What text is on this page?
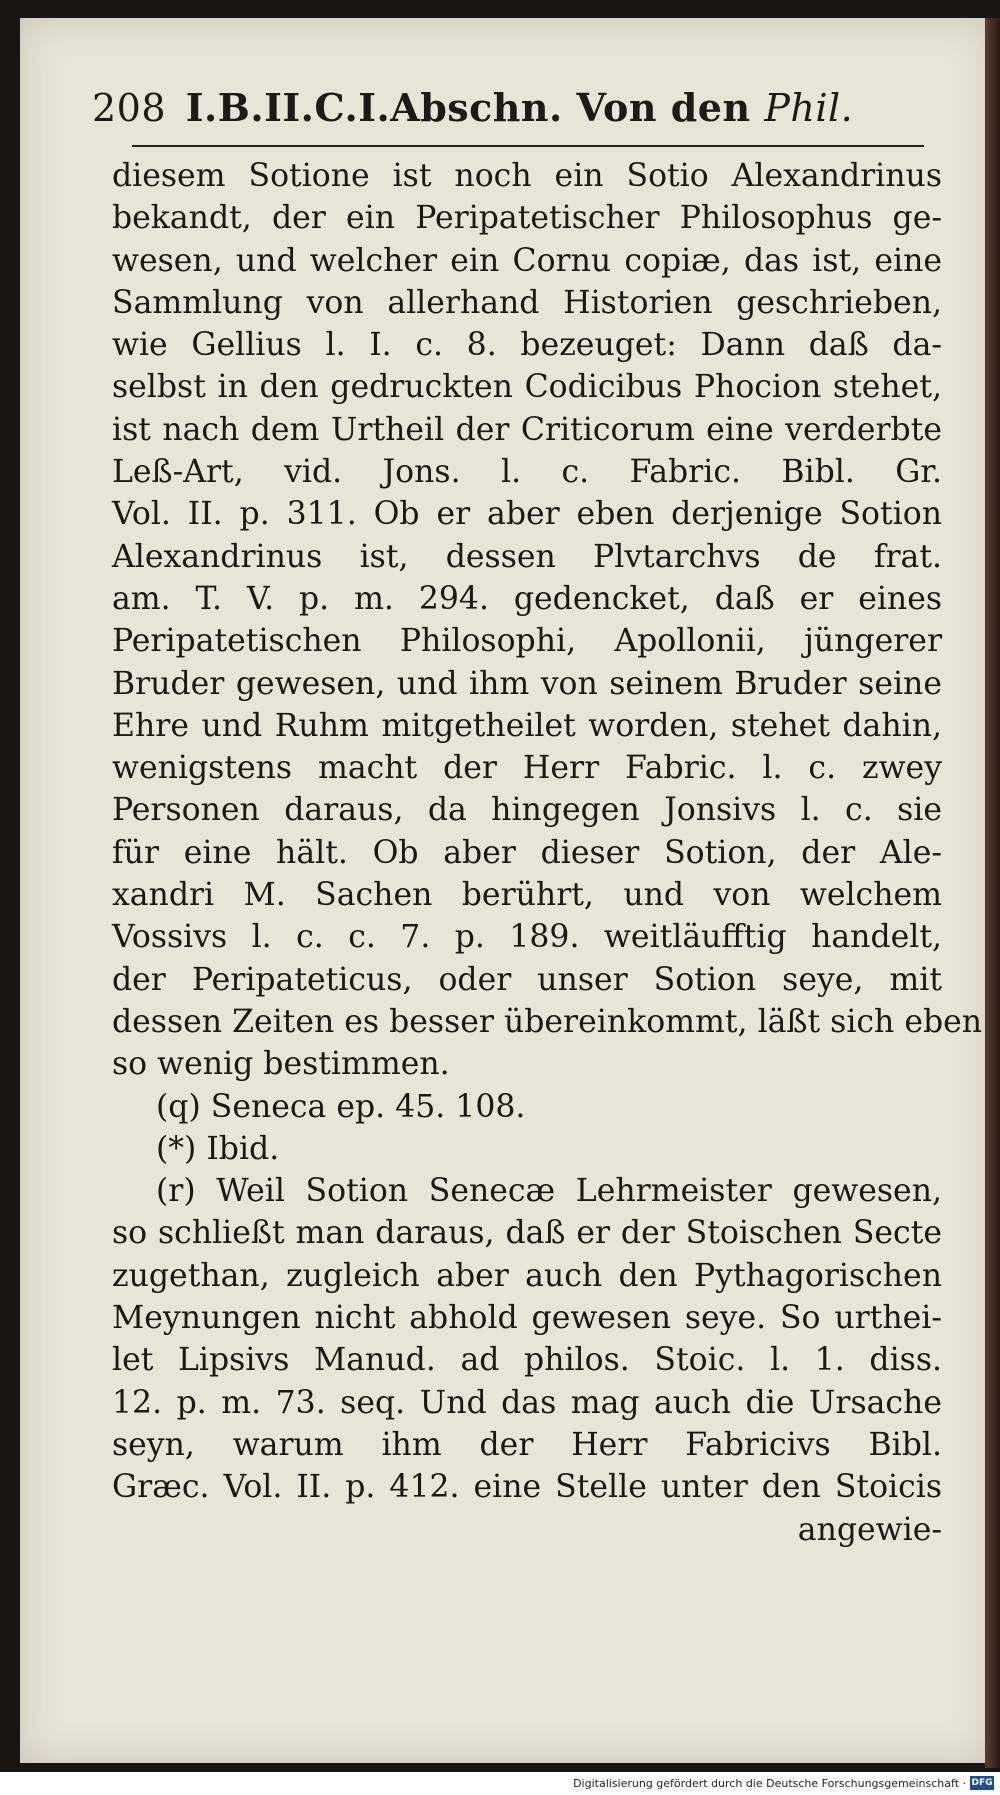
208 I.B.II.C.I.Abschn. Von den Phil.
diesem Sotione ist noch ein Sotio Alexandrinus
bekandt, der ein Peripatetischer Philosophus ge-
wesen, und welcher ein Cornu copiæ, das ist, eine
Sammlung von allerhand Historien geschrieben,
wie Gellius l. I. c. 8. bezeuget: Dann daß da-
selbst in den gedruckten Codicibus Phocion stehet,
ist nach dem Urtheil der Criticorum eine verderbte
Leß-Art, vid. Jons. l. c. Fabric. Bibl. Gr.
Vol. II. p. 311. Ob er aber eben derjenige Sotion
Alexandrinus ist, dessen Plvtarchvs de frat.
am. T. V. p. m. 294. gedencket, daß er eines
Peripatetischen Philosophi, Apollonii, jüngerer
Bruder gewesen, und ihm von seinem Bruder seine
Ehre und Ruhm mitgetheilet worden, stehet dahin,
wenigstens macht der Herr Fabric. l. c. zwey
Personen daraus, da hingegen Jonsivs l. c. sie
für eine hält. Ob aber dieser Sotion, der Ale-
xandri M. Sachen berührt, und von welchem
Vossivs l. c. c. 7. p. 189. weitläufftig handelt,
der Peripateticus, oder unser Sotion seye, mit
dessen Zeiten es besser übereinkommt, läßt sich eben
so wenig bestimmen.
(q) Seneca ep. 45. 108.
(*) Ibid.
(r) Weil Sotion Senecæ Lehrmeister gewesen,
so schließt man daraus, daß er der Stoischen Secte
zugethan, zugleich aber auch den Pythagorischen
Meynungen nicht abhold gewesen seye. So urthei-
let Lipsivs Manud. ad philos. Stoic. l. 1. diss.
12. p. m. 73. seq. Und das mag auch die Ursache
seyn, warum ihm der Herr Fabricivs Bibl.
Græc. Vol. II. p. 412. eine Stelle unter den Stoicis
angewie-
Digitalisierung gefördert durch die Deutsche Forschungsgemeinschaft · DFG
